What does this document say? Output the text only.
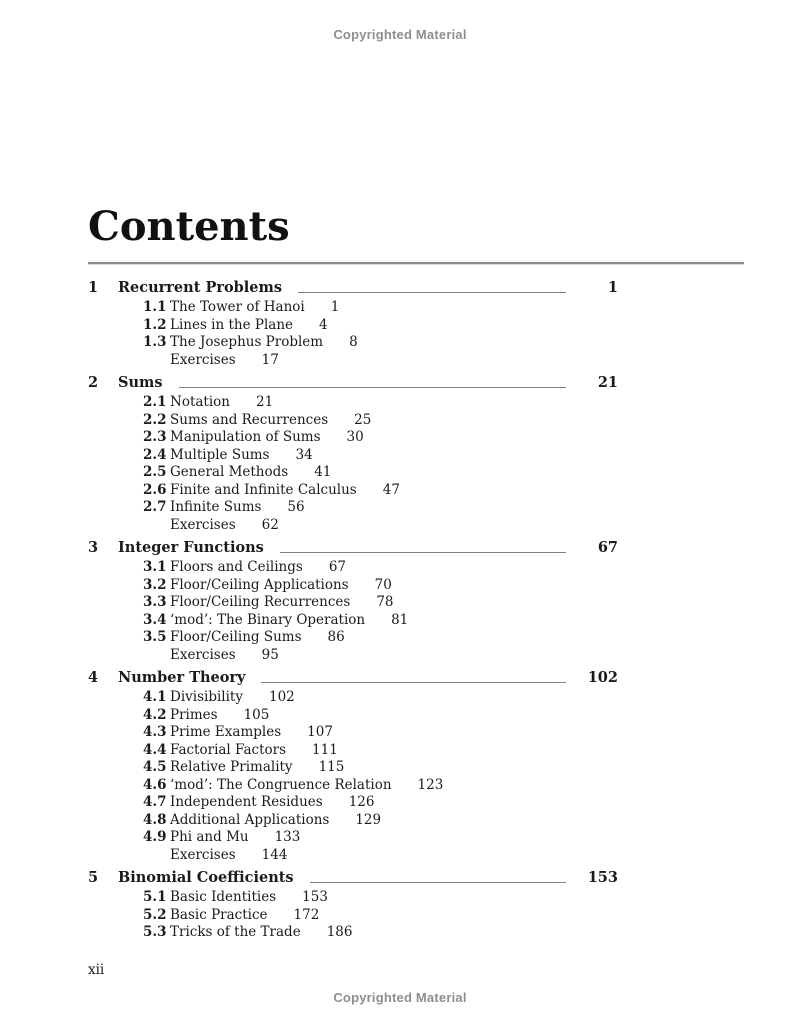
Copyrighted Material
Contents
1	Recurrent Problems	1
1.1 The Tower of Hanoi 1
1.2 Lines in the Plane 4
1.3 The Josephus Problem 8
Exercises 17
2	Sums	21
2.1 Notation 21
2.2 Sums and Recurrences 25
2.3 Manipulation of Sums 30
2.4 Multiple Sums 34
2.5 General Methods 41
2.6 Finite and Infinite Calculus 47
2.7 Infinite Sums 56
Exercises 62
3	Integer Functions	67
3.1 Floors and Ceilings 67
3.2 Floor/Ceiling Applications 70
3.3 Floor/Ceiling Recurrences 78
3.4 ‘mod’: The Binary Operation 81
3.5 Floor/Ceiling Sums 86
Exercises 95
4	Number Theory	102
4.1 Divisibility 102
4.2 Primes 105
4.3 Prime Examples 107
4.4 Factorial Factors 111
4.5 Relative Primality 115
4.6 ‘mod’: The Congruence Relation 123
4.7 Independent Residues 126
4.8 Additional Applications 129
4.9 Phi and Mu 133
Exercises 144
5	Binomial Coefficients	153
5.1 Basic Identities 153
5.2 Basic Practice 172
5.3 Tricks of the Trade 186
xii
Copyrighted Material
